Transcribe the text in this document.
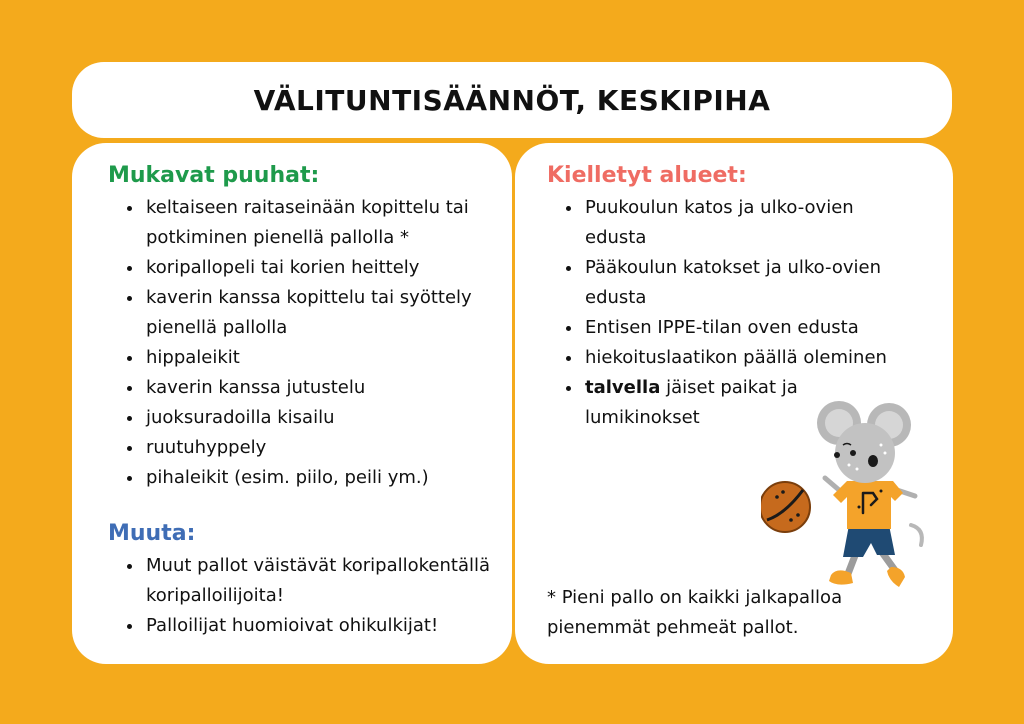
VÄLITUNTISÄÄNNÖT, KESKIPIHA
Mukavat puuhat:
• keltaiseen raitaseinään kopittelu tai potkiminen pienellä pallolla *
• koripallopeli tai korien heittely
• kaverin kanssa kopittelu tai syöttely pienellä pallolla
• hippaleikit
• kaverin kanssa jutustelu
• juoksuradoilla kisailu
• ruutuhyppely
• pihaleikit (esim. piilo, peili ym.)
Muuta:
• Muut pallot väistävät koripallokentällä koripalloilijoita!
• Palloilijat huomioivat ohikulkijat!
Kielletyt alueet:
• Puukoulun katos ja ulko-ovien edusta
• Pääkoulun katokset ja ulko-ovien edusta
• Entisen IPPE-tilan oven edusta
• hiekoituslaatikon päällä oleminen
• talvella jäiset paikat ja lumikinokset

* Pieni pallo on kaikki jalkapalloa pienemmät pehmeät pallot.
